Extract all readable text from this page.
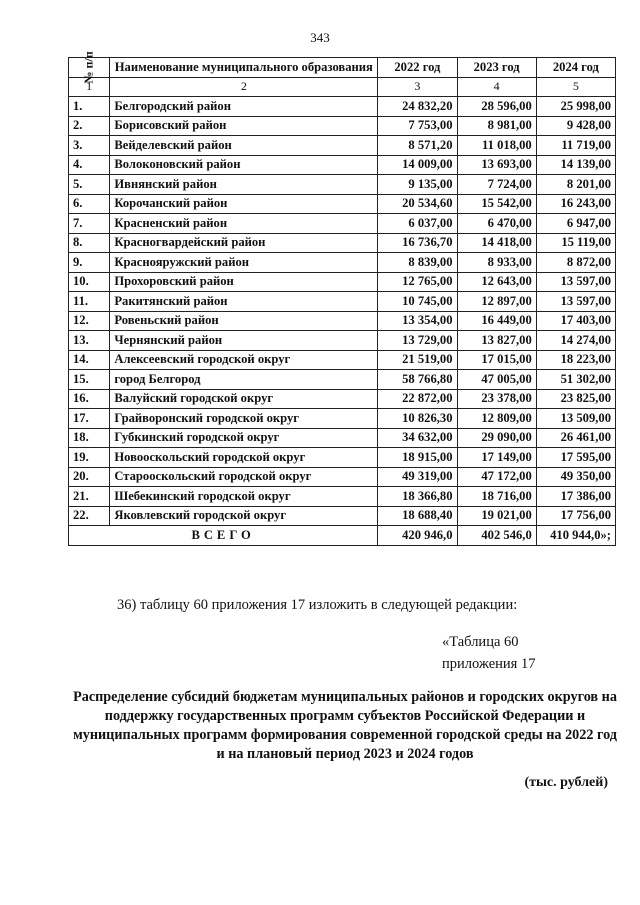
343
№ п/п	Наименование муниципального образования	2022 год	2023 год	2024 год
1	2	3	4	5
1.	Белгородский район	24 832,20	28 596,00	25 998,00
2.	Борисовский район	7 753,00	8 981,00	9 428,00
3.	Вейделевский район	8 571,20	11 018,00	11 719,00
4.	Волоконовский район	14 009,00	13 693,00	14 139,00
5.	Ивнянский район	9 135,00	7 724,00	8 201,00
6.	Корочанский район	20 534,60	15 542,00	16 243,00
7.	Красненский район	6 037,00	6 470,00	6 947,00
8.	Красногвардейский район	16 736,70	14 418,00	15 119,00
9.	Краснояружский район	8 839,00	8 933,00	8 872,00
10.	Прохоровский район	12 765,00	12 643,00	13 597,00
11.	Ракитянский район	10 745,00	12 897,00	13 597,00
12.	Ровеньский район	13 354,00	16 449,00	17 403,00
13.	Чернянский район	13 729,00	13 827,00	14 274,00
14.	Алексеевский городской округ	21 519,00	17 015,00	18 223,00
15.	город Белгород	58 766,80	47 005,00	51 302,00
16.	Валуйский городской округ	22 872,00	23 378,00	23 825,00
17.	Грайворонский городской округ	10 826,30	12 809,00	13 509,00
18.	Губкинский городской округ	34 632,00	29 090,00	26 461,00
19.	Новооскольский городской округ	18 915,00	17 149,00	17 595,00
20.	Старооскольский городской округ	49 319,00	47 172,00	49 350,00
21.	Шебекинский городской округ	18 366,80	18 716,00	17 386,00
22.	Яковлевский городской округ	18 688,40	19 021,00	17 756,00
ВСЕГО		420 946,0	402 546,0	410 944,0»;
36) таблицу 60 приложения 17 изложить в следующей редакции:
«Таблица 60
приложения 17
Распределение субсидий бюджетам муниципальных районов и городских округов на поддержку государственных программ субъектов Российской Федерации и муниципальных программ формирования современной городской среды на 2022 год и на плановый период 2023 и 2024 годов
(тыс. рублей)
